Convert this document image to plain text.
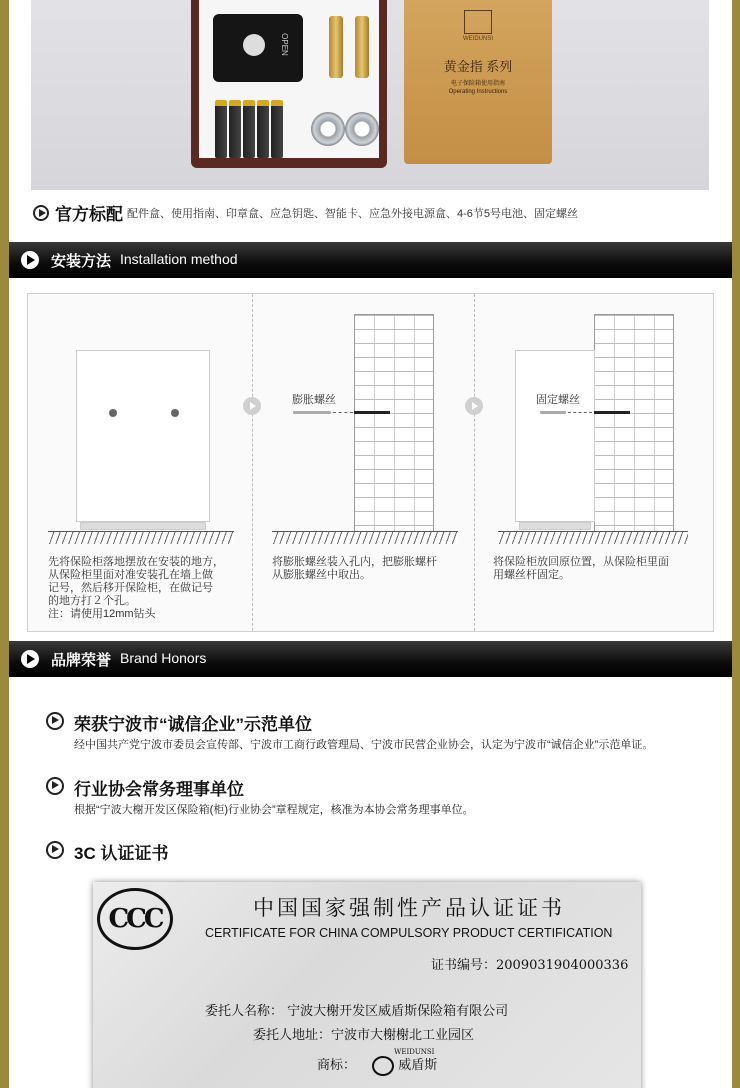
OPEN	WEIDUNSI
黄金指 系列
电子保险箱使用指南
Operating Instructions
官方标配 配件盒、使用指南、印章盒、应急钥匙、智能卡、应急外接电源盒、4-6节5号电池、固定螺丝
安装方法 Installation method
先将保险柜落地摆放在安装的地方，
从保险柜里面对准安装孔在墙上做
记号，然后移开保险柜，在做记号
的地方打２个孔。
注：请使用12mm钻头
膨胀螺丝
将膨胀螺丝装入孔内，把膨胀螺杆
从膨胀螺丝中取出。
固定螺丝
将保险柜放回原位置，从保险柜里面
用螺丝杆固定。
品牌荣誉 Brand Honors
荣获宁波市“诚信企业”示范单位
经中国共产党宁波市委员会宣传部、宁波市工商行政管理局、宁波市民营企业协会，认定为宁波市“诚信企业”示范单证。
行业协会常务理事单位
根据“宁波大榭开发区保险箱(柜)行业协会”章程规定，核准为本协会常务理事单位。
3C 认证证书
CCC	中国国家强制性产品认证证书
CERTIFICATE FOR CHINA COMPULSORY PRODUCT CERTIFICATION
证书编号：2009031904000336
委托人名称： 宁波大榭开发区威盾斯保险箱有限公司
委托人地址：宁波市大榭榭北工业园区
商标：
WEIDUNSI
威盾斯
